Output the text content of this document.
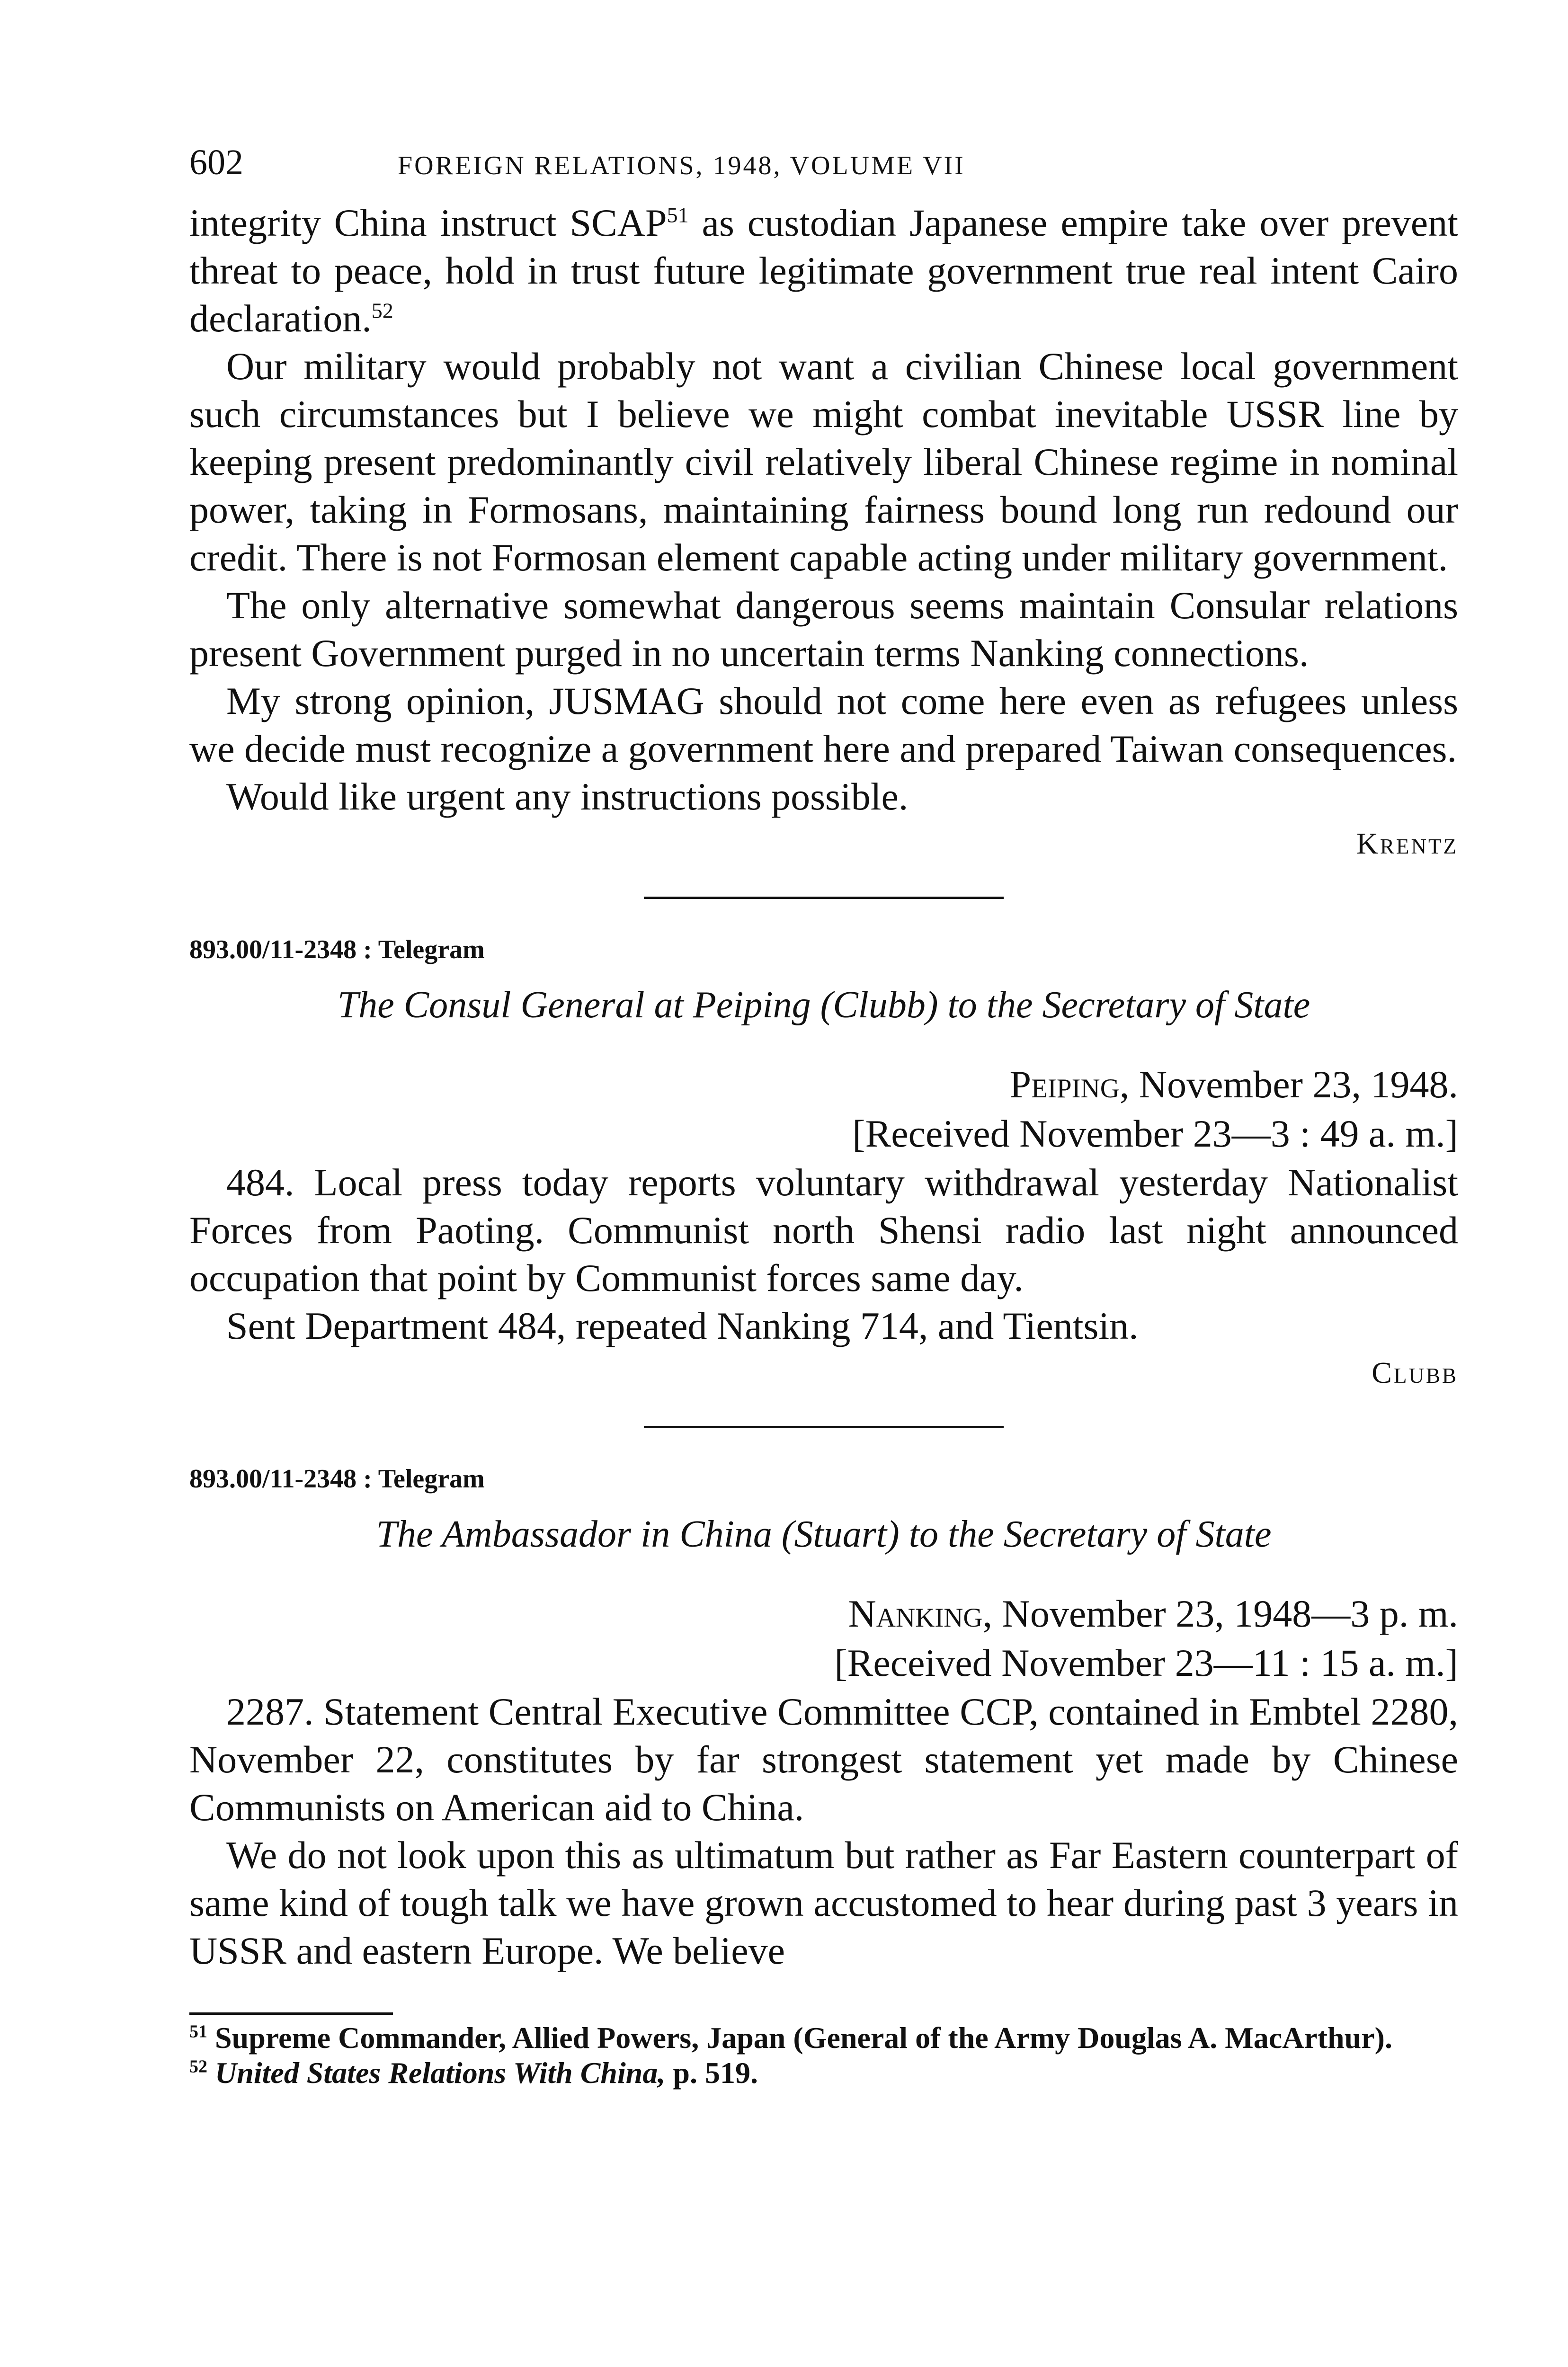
602	FOREIGN RELATIONS, 1948, VOLUME VII

integrity China instruct SCAP$^{51}$ as custodian Japanese empire take over prevent threat to peace, hold in trust future legitimate government true real intent Cairo declaration.$^{52}$

Our military would probably not want a civilian Chinese local government such circumstances but I believe we might combat inevitable USSR line by keeping present predominantly civil relatively liberal Chinese regime in nominal power, taking in Formosans, maintaining fairness bound long run redound our credit. There is not Formosan element capable acting under military government.

The only alternative somewhat dangerous seems maintain Consular relations present Government purged in no uncertain terms Nanking connections.

My strong opinion, JUSMAG should not come here even as refugees unless we decide must recognize a government here and prepared Taiwan consequences.

Would like urgent any instructions possible.

Krentz
893.00/11-2348 : Telegram
The Consul General at Peiping (Clubb) to the Secretary of State
Peiping, November 23, 1948.
[Received November 23—3 : 49 a. m.]

484. Local press today reports voluntary withdrawal yesterday Nationalist Forces from Paoting. Communist north Shensi radio last night announced occupation that point by Communist forces same day.

Sent Department 484, repeated Nanking 714, and Tientsin.

Clubb
893.00/11-2348 : Telegram
The Ambassador in China (Stuart) to the Secretary of State
Nanking, November 23, 1948—3 p. m.
[Received November 23—11 : 15 a. m.]

2287. Statement Central Executive Committee CCP, contained in Embtel 2280, November 22, constitutes by far strongest statement yet made by Chinese Communists on American aid to China.

We do not look upon this as ultimatum but rather as Far Eastern counterpart of same kind of tough talk we have grown accustomed to hear during past 3 years in USSR and eastern Europe. We believe

$^{51}$ Supreme Commander, Allied Powers, Japan (General of the Army Douglas A. MacArthur).
$^{52}$ United States Relations With China, p. 519.
